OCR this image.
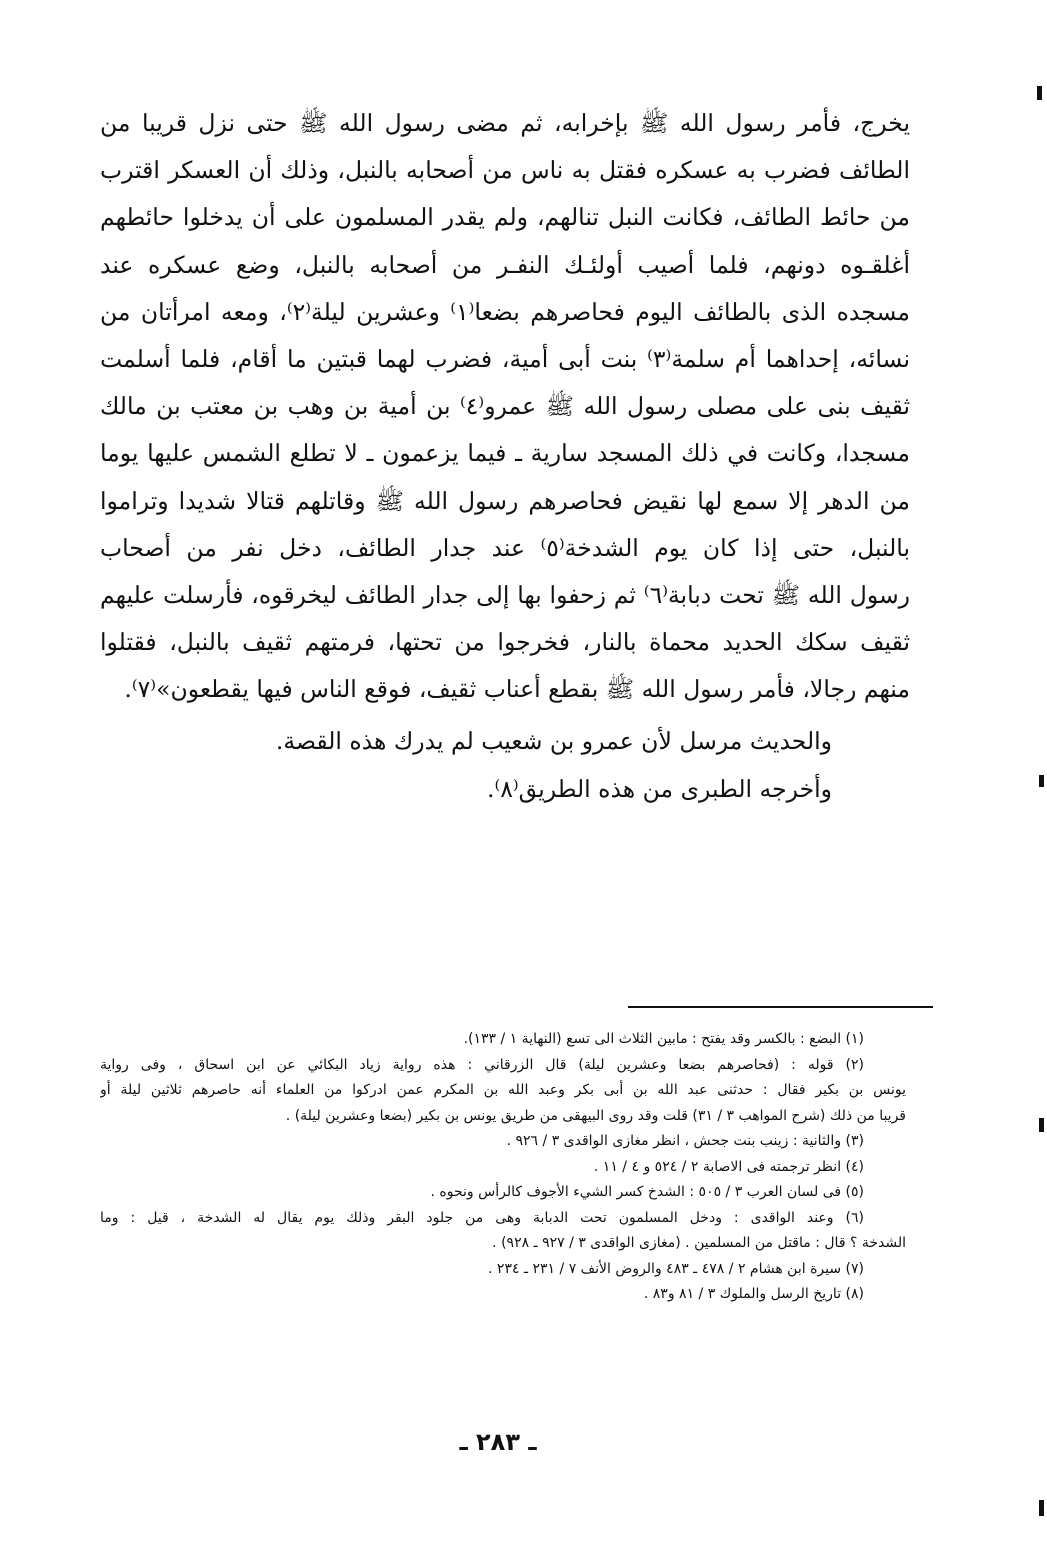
يخرج، فأمر رسول الله ﷺ بإخرابه، ثم مضى رسول الله ﷺ حتى نزل قريبا من
الطائف فضرب به عسكره فقتل به ناس من أصحابه بالنبل، وذلك أن العسكر اقترب
من حائط الطائف، فكانت النبل تنالهم، ولم يقدر المسلمون على أن يدخلوا حائطهم
أغلقـوه دونهم، فلما أصيب أولئـك النفـر من أصحابه بالنبل، وضع عسكره عند
مسجده الذى بالطائف اليوم فحاصرهم بضعا⁽١⁾ وعشرين ليلة⁽٢⁾، ومعه امرأتان من
نسائه، إحداهما أم سلمة⁽٣⁾ بنت أبى أمية، فضرب لهما قبتين ما أقام، فلما أسلمت
ثقيف بنى على مصلى رسول الله ﷺ عمرو⁽٤⁾ بن أمية بن وهب بن معتب بن مالك
مسجدا، وكانت في ذلك المسجد سارية ـ فيما يزعمون ـ لا تطلع الشمس عليها يوما
من الدهر إلا سمع لها نقيض فحاصرهم رسول الله ﷺ وقاتلهم قتالا شديدا وتراموا
بالنبل، حتى إذا كان يوم الشدخة⁽٥⁾ عند جدار الطائف، دخل نفر من أصحاب
رسول الله ﷺ تحت دبابة⁽٦⁾ ثم زحفوا بها إلى جدار الطائف ليخرقوه، فأرسلت عليهم
ثقيف سكك الحديد محماة بالنار، فخرجوا من تحتها، فرمتهم ثقيف بالنبل، فقتلوا
منهم رجالا، فأمر رسول الله ﷺ بقطع أعناب ثقيف، فوقع الناس فيها يقطعون»⁽٧⁾.
والحديث مرسل لأن عمرو بن شعيب لم يدرك هذه القصة.
وأخرجه الطبرى من هذه الطريق⁽٨⁾.
(١) البضع : بالكسر وقد يفتح : مابين الثلاث الى تسع (النهاية ١ / ١٣٣).
(٢) قوله : (فحاصرهم بضعا وعشرين ليلة) قال الزرقاني : هذه رواية زياد البكائي عن ابن اسحاق ، وفى رواية
يونس بن بكير فقال : حدثنى عبد الله بن أبى بكر وعبد الله بن المكرم عمن ادركوا من العلماء أنه حاصرهم ثلاثين ليلة أو
قريبا من ذلك (شرح المواهب ٣ / ٣١) قلت وقد روى البيهقى من طريق يونس بن بكير (بضعا وعشرين ليلة) .
(٣) والثانية : زينب بنت جحش ، انظر مغازى الواقدى ٣ / ٩٢٦ .
(٤) انظر ترجمته فى الاصابة ٢ / ٥٢٤ و ٤ / ١١ .
(٥) فى لسان العرب ٣ / ٥٠٥ : الشدخ كسر الشيء الأجوف كالرأس ونحوه .
(٦) وعند الواقدى : ودخل المسلمون تحت الدبابة وهى من جلود البقر وذلك يوم يقال له الشدخة ، قيل : وما
الشدخة ؟ قال : ماقتل من المسلمين . (مغازى الواقدى ٣ / ٩٢٧ ـ ٩٢٨) .
(٧) سيرة ابن هشام ٢ / ٤٧٨ ـ ٤٨٣ والروض الأنف ٧ / ٢٣١ ـ ٢٣٤ .
(٨) تاريخ الرسل والملوك ٣ / ٨١ و٨٣ .
ـ ٢٨٣ ـ
